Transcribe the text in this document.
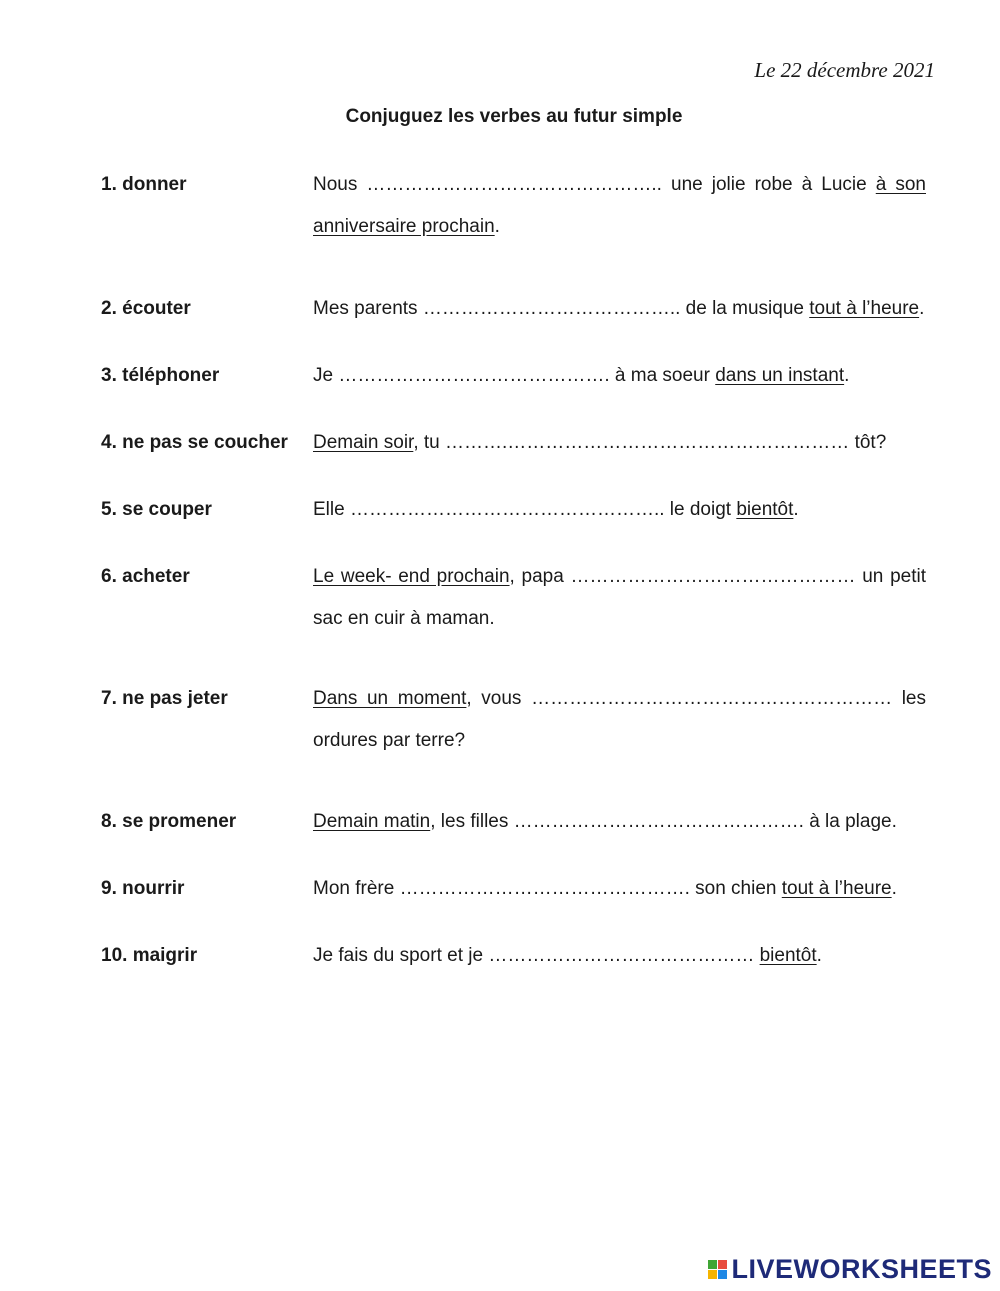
Le 22 décembre 2021
Conjuguez les verbes au futur simple
1. donner	Nous ……………………………………….. une jolie robe à Lucie à son anniversaire prochain.
2. écouter	Mes parents ………………………………….. de la musique tout à l’heure.
3. téléphoner	Je ……………………………………. à ma soeur dans un instant.
4. ne pas se coucher	Demain soir, tu ……….……………………………………………… tôt?
5. se couper	Elle ………………………………………….. le doigt bientôt.
6. acheter	Le week- end prochain, papa ……………………………………… un petit sac en cuir à maman.
7. ne pas jeter	Dans un moment, vous ………………………………………………… les ordures par terre?
8. se promener	Demain matin, les filles ………………………………………. à la plage.
9. nourrir	Mon frère ………………………………………. son chien tout à l’heure.
10. maigrir	Je fais du sport et je …………………………………… bientôt.
LIVEWORKSHEETS
